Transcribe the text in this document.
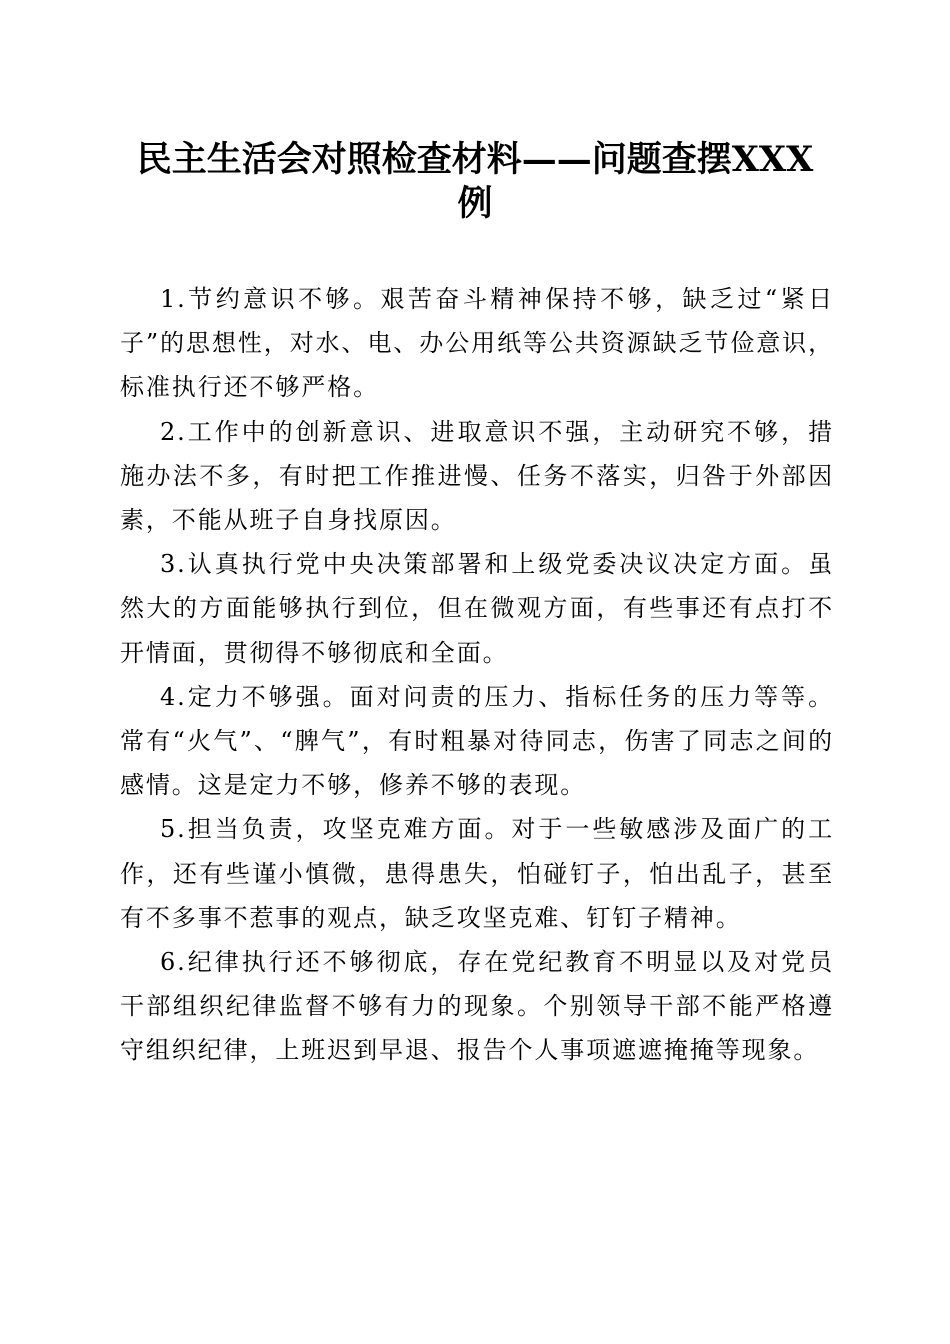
民主生活会对照检查材料——问题查摆XXX例

1.节约意识不够。艰苦奋斗精神保持不够，缺乏过“紧日子”的思想性，对水、电、办公用纸等公共资源缺乏节俭意识，标准执行还不够严格。

2.工作中的创新意识、进取意识不强，主动研究不够，措施办法不多，有时把工作推进慢、任务不落实，归咎于外部因素，不能从班子自身找原因。

3.认真执行党中央决策部署和上级党委决议决定方面。虽然大的方面能够执行到位，但在微观方面，有些事还有点打不开情面，贯彻得不够彻底和全面。

4.定力不够强。面对问责的压力、指标任务的压力等等。常有“火气”、“脾气”，有时粗暴对待同志，伤害了同志之间的感情。这是定力不够，修养不够的表现。

5.担当负责，攻坚克难方面。对于一些敏感涉及面广的工作，还有些谨小慎微，患得患失，怕碰钉子，怕出乱子，甚至有不多事不惹事的观点，缺乏攻坚克难、钉钉子精神。

6.纪律执行还不够彻底，存在党纪教育不明显以及对党员干部组织纪律监督不够有力的现象。个别领导干部不能严格遵守组织纪律，上班迟到早退、报告个人事项遮遮掩掩等现象。
